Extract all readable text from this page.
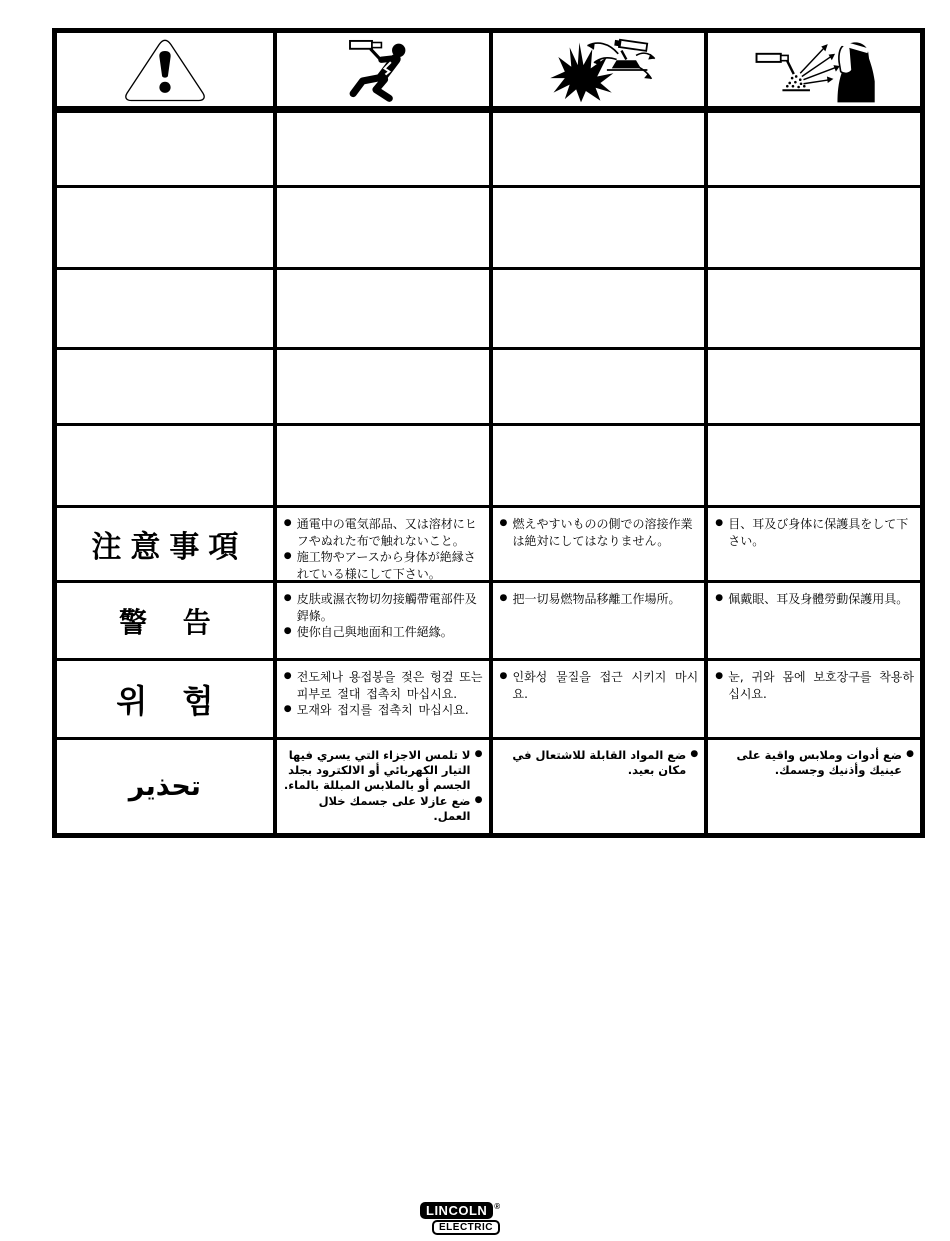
注意事項
● 通電中の電気部品、又は溶材にヒフやぬれた布で触れないこと。
● 施工物やアースから身体が絶縁されている様にして下さい。
● 燃えやすいものの側での溶接作業は絶対にしてはなりません。
● 目、耳及び身体に保護具をして下さい。
警 告
● 皮肤或濕衣物切勿接觸帶電部件及銲條。
● 使你自己與地面和工件絕緣。
● 把一切易燃物品移離工作場所。	● 佩戴眼、耳及身體勞動保護用具。
위 험
● 전도체나 용접봉을 젖은 헝겊 또는 피부로 절대 접촉치 마십시요.
● 모재와 접지를 접촉치 마십시요.
● 인화성 물질을 접근 시키지 마시요.
● 눈, 귀와 몸에 보호장구를 착용하십시요.
تحذير
●
لا تلمس الاجزاء التي يسري فيها التيار الكهربائي أو الالكترود بجلد الجسم أو بالملابس المبللة بالماء.
●
ضع عازلا على جسمك خلال العمل.
●
ضع المواد القابلة للاشتعال في مكان بعيد.
●
ضع أدوات وملابس واقية على عينيك وأذنيك وجسمك.
LINCOLN ®
ELECTRIC
